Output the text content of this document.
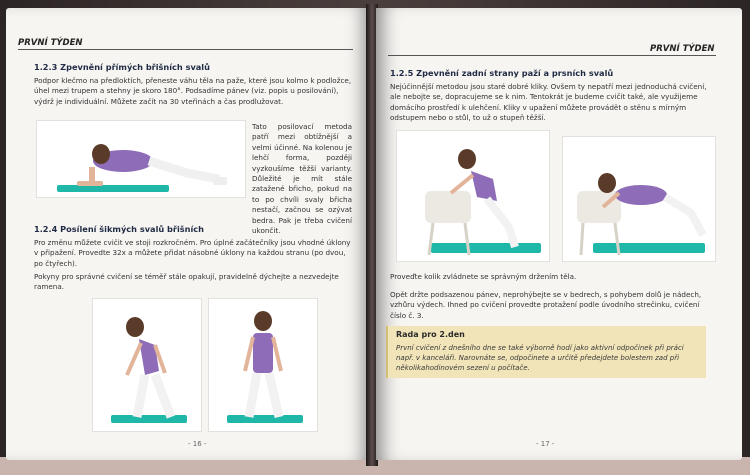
PRVNÍ TÝDEN
1.2.3 Zpevnění přímých břišních svalů

Podpor klečmo na předloktích, přeneste váhu těla na paže, které jsou kolmo k podložce, úhel mezi trupem a stehny je skoro 180°. Podsadíme pánev (viz. popis u posilování), výdrž je individuální. Můžete začít na 30 vteřinách a čas prodlužovat.

Tato posilovací metoda patří mezi obtížnější a velmi účinné. Na kolenou je lehčí forma, později vyzkoušíme těžší varianty. Důležité je mít stále zatažené břicho, pokud na to po chvíli svaly břicha nestačí, začnou se ozývat bedra. Pak je třeba cvičení ukončit.

1.2.4 Posílení šikmých svalů břišních

Pro změnu můžete cvičit ve stoji rozkročném. Pro úplné začátečníky jsou vhodné úklony v připažení. Provedte 32x a můžete přidat násobné úklony na každou stranu (po dvou, po čtyřech).

Pokyny pro správné cvičení se téměř stále opakují, pravidelně dýchejte a nezvedejte ramena.

- 16 -
PRVNÍ TÝDEN
1.2.5 Zpevnění zadní strany paží a prsních svalů

Nejúčinnější metodou jsou staré dobré kliky. Ovšem ty nepatří mezi jednoduchá cvičení, ale nebojte se, dopracujeme se k nim. Tentokrát je budeme cvičit také, ale využijeme domácího prostředí k ulehčení. Kliky v upažení můžete provádět o stěnu s mírným odstupem nebo o stůl, to už o stupeň těžší.

Proveďte kolik zvládnete se správným držením těla.

Opět držte podsazenou pánev, neprohýbejte se v bedrech, s pohybem dolů je nádech, vzhůru výdech. Ihned po cvičení provedte protažení podle úvodního strečinku, cvičení číslo č. 3.

Rada pro 2.den

První cvičení z dnešního dne se také výborně hodí jako aktivní odpočinek při práci např. v kanceláři. Narovnáte se, odpočinete a určitě předejdete bolestem zad při několikahodinovém sezení u počítače.

- 17 -
